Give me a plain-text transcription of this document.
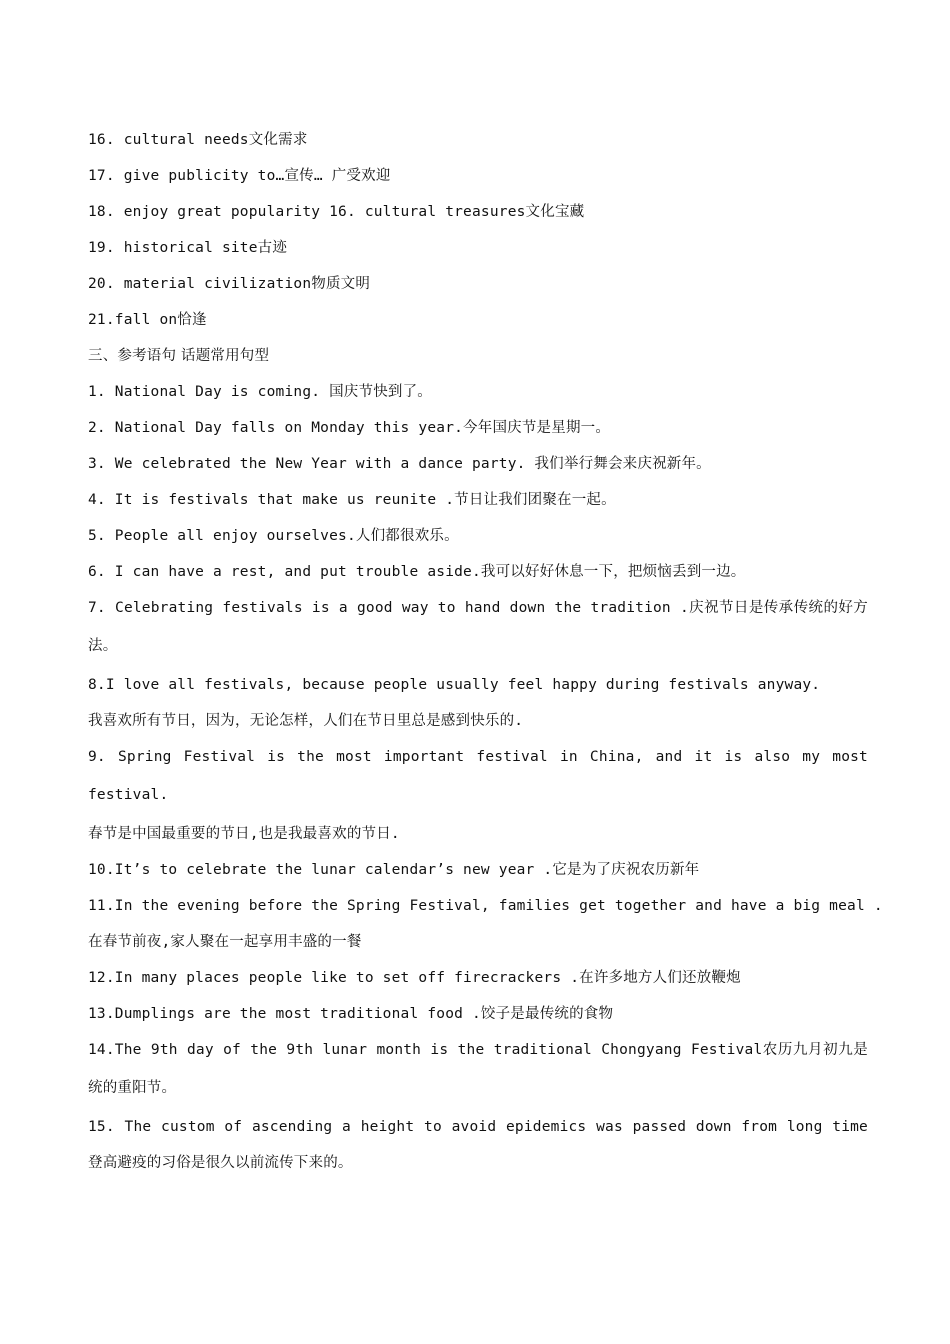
16. cultural needs文化需求
17. give publicity to…宣传… 广受欢迎
18. enjoy great popularity 16. cultural treasures文化宝藏
19. historical site古迹
20. material civilization物质文明
21.fall on恰逢
三、参考语句 话题常用句型
1. National Day is coming. 国庆节快到了。
2. National Day falls on Monday this year.今年国庆节是星期一。
3. We celebrated the New Year with a dance party. 我们举行舞会来庆祝新年。
4. It is festivals that make us reunite .节日让我们团聚在一起。
5. People all enjoy ourselves.人们都很欢乐。
6. I can have a rest, and put trouble aside.我可以好好休息一下，把烦恼丢到一边。
7. Celebrating festivals is a good way to hand down the tradition .庆祝节日是传承传统的好方
法。
8.I love all festivals, because people usually feel happy during festivals anyway.
我喜欢所有节日，因为，无论怎样，人们在节日里总是感到快乐的.
9. Spring Festival is the most important festival in China, and it is also my most
festival.
春节是中国最重要的节日,也是我最喜欢的节日.
10.It’s to celebrate the lunar calendar’s new year .它是为了庆祝农历新年
11.In the evening before the Spring Festival, families get together and have a big meal .
在春节前夜,家人聚在一起享用丰盛的一餐
12.In many places people like to set off firecrackers .在许多地方人们还放鞭炮
13.Dumplings are the most traditional food .饺子是最传统的食物
14.The 9th day of the 9th lunar month is the traditional Chongyang Festival农历九月初九是
统的重阳节。
15. The custom of ascending a height to avoid epidemics was passed down from long time
登高避疫的习俗是很久以前流传下来的。
